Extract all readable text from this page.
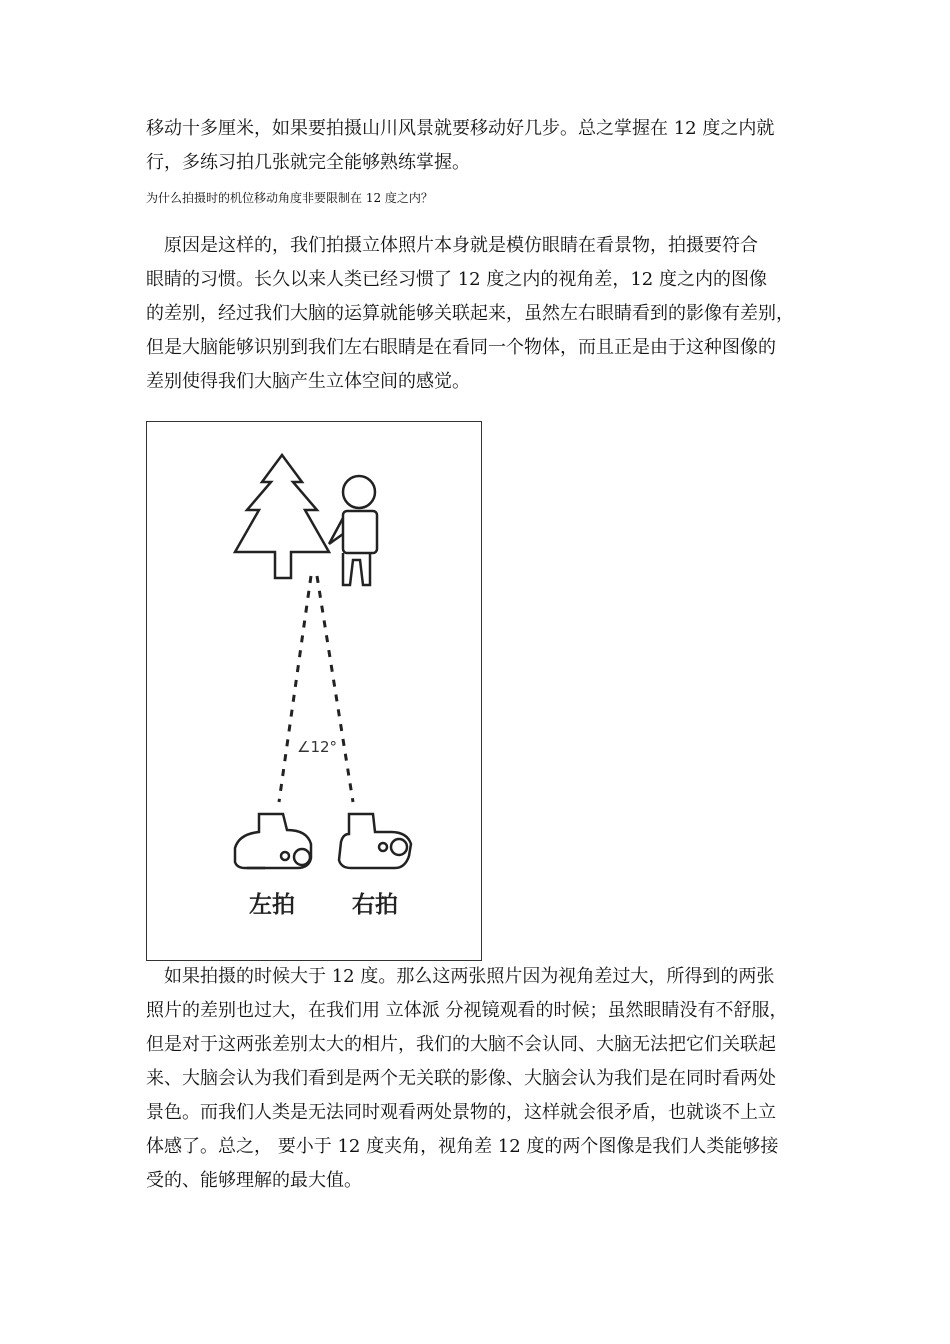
移动十多厘米，如果要拍摄山川风景就要移动好几步。总之掌握在 12 度之内就
行，多练习拍几张就完全能够熟练掌握。

为什么拍摄时的机位移动角度非要限制在 12 度之内？

　原因是这样的，我们拍摄立体照片本身就是模仿眼睛在看景物，拍摄要符合
眼睛的习惯。长久以来人类已经习惯了 12 度之内的视角差，12 度之内的图像
的差别，经过我们大脑的运算就能够关联起来，虽然左右眼睛看到的影像有差别，
但是大脑能够识别到我们左右眼睛是在看同一个物体，而且正是由于这种图像的
差别使得我们大脑产生立体空间的感觉。

∠12°
左拍 右拍

　如果拍摄的时候大于 12 度。那么这两张照片因为视角差过大，所得到的两张
照片的差别也过大，在我们用 立体派 分视镜观看的时候；虽然眼睛没有不舒服，
但是对于这两张差别太大的相片，我们的大脑不会认同、大脑无法把它们关联起
来、大脑会认为我们看到是两个无关联的影像、大脑会认为我们是在同时看两处
景色。而我们人类是无法同时观看两处景物的，这样就会很矛盾，也就谈不上立
体感了。总之， 要小于 12 度夹角，视角差 12 度的两个图像是我们人类能够接
受的、能够理解的最大值。
